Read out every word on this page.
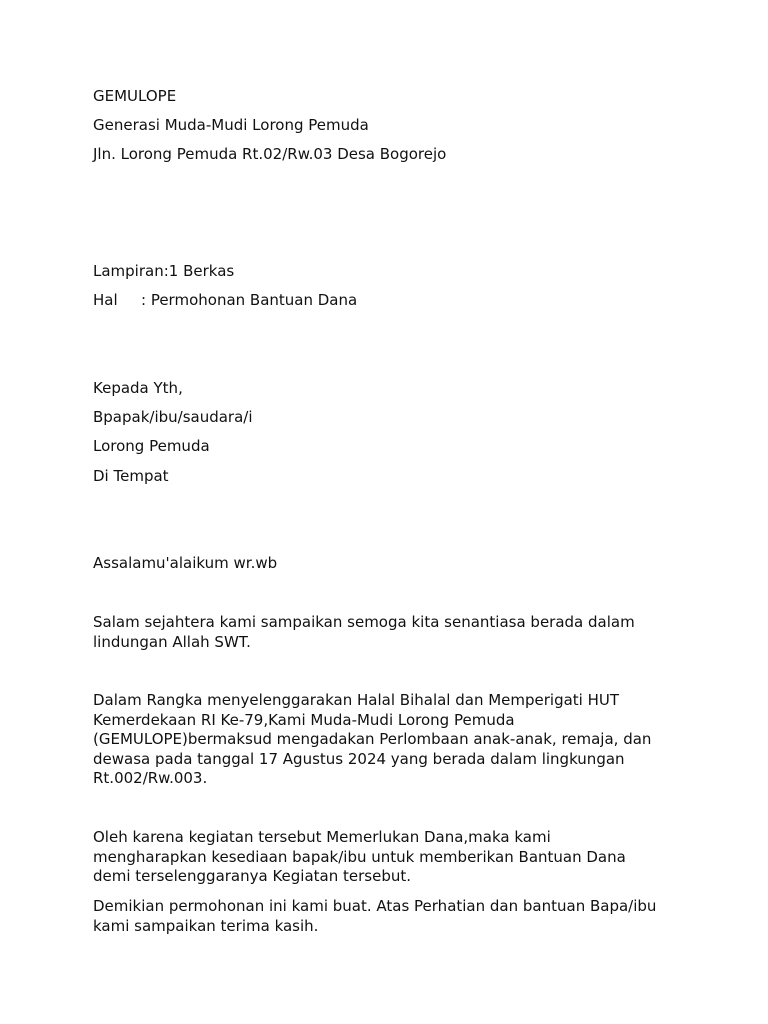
GEMULOPE
Generasi Muda-Mudi Lorong Pemuda
Jln. Lorong Pemuda Rt.02/Rw.03 Desa Bogorejo
Lampiran:1 Berkas
Hal : Permohonan Bantuan Dana
Kepada Yth,
Bpapak/ibu/saudara/i
Lorong Pemuda
Di Tempat
Assalamu'alaikum wr.wb
Salam sejahtera kami sampaikan semoga kita senantiasa berada dalam
lindungan Allah SWT.
Dalam Rangka menyelenggarakan Halal Bihalal dan Memperigati HUT
Kemerdekaan RI Ke-79,Kami Muda-Mudi Lorong Pemuda
(GEMULOPE)bermaksud mengadakan Perlombaan anak-anak, remaja, dan
dewasa pada tanggal 17 Agustus 2024 yang berada dalam lingkungan
Rt.002/Rw.003.
Oleh karena kegiatan tersebut Memerlukan Dana,maka kami
mengharapkan kesediaan bapak/ibu untuk memberikan Bantuan Dana
demi terselenggaranya Kegiatan tersebut.
Demikian permohonan ini kami buat. Atas Perhatian dan bantuan Bapa/ibu
kami sampaikan terima kasih.
